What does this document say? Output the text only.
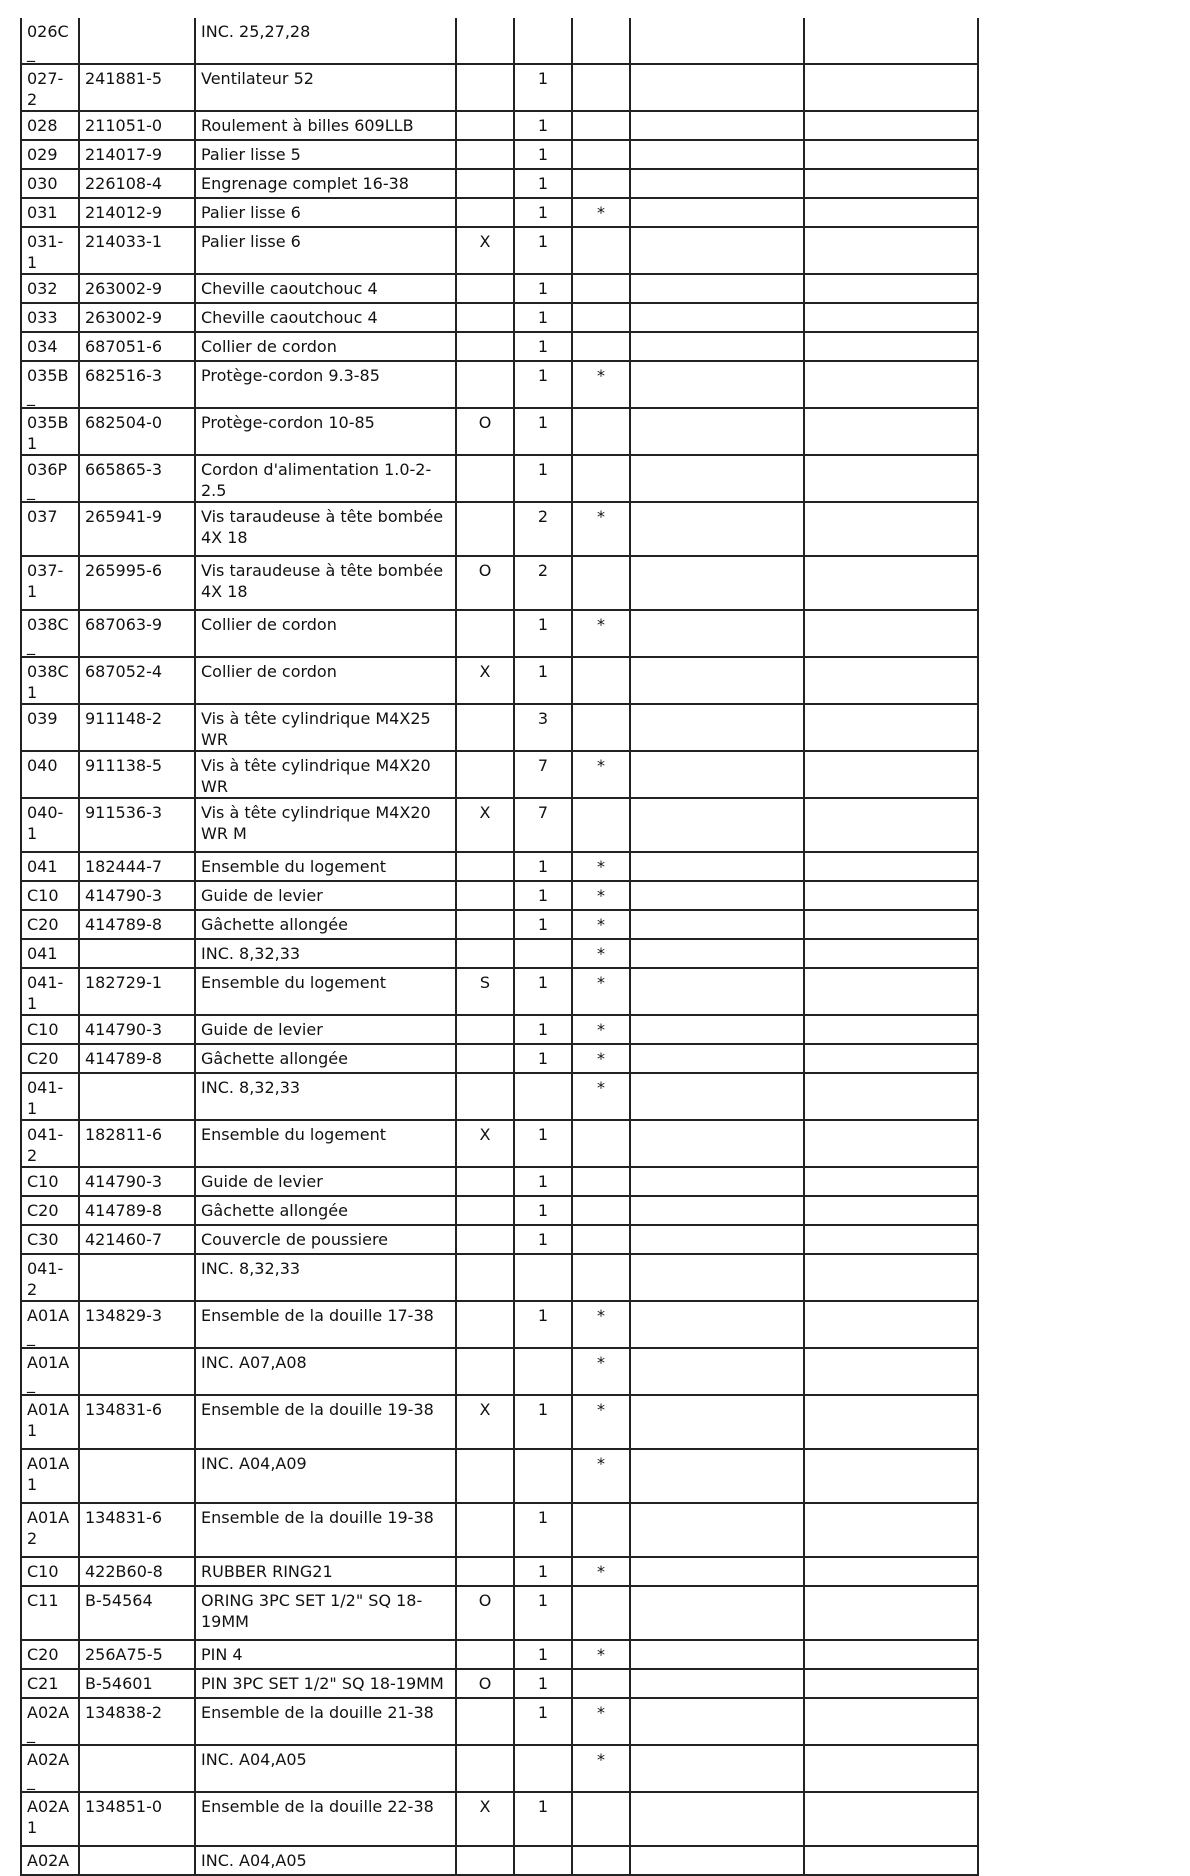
026C_		INC. 25,27,28					
027-2	241881-5	Ventilateur 52		1			
028	211051-0	Roulement à billes 609LLB		1			
029	214017-9	Palier lisse 5		1			
030	226108-4	Engrenage complet 16-38		1			
031	214012-9	Palier lisse 6		1	*		
031-1	214033-1	Palier lisse 6	X	1			
032	263002-9	Cheville caoutchouc 4		1			
033	263002-9	Cheville caoutchouc 4		1			
034	687051-6	Collier de cordon		1			
035B_	682516-3	Protège-cordon 9.3-85		1	*		
035B1	682504-0	Protège-cordon 10-85	O	1			
036P_	665865-3	Cordon d'alimentation 1.0-2-2.5		1			
037	265941-9	Vis taraudeuse à tête bombée 4X 18		2	*		
037-1	265995-6	Vis taraudeuse à tête bombée 4X 18	O	2			
038C_	687063-9	Collier de cordon		1	*		
038C1	687052-4	Collier de cordon	X	1			
039	911148-2	Vis à tête cylindrique M4X25 WR		3			
040	911138-5	Vis à tête cylindrique M4X20 WR		7	*		
040-1	911536-3	Vis à tête cylindrique M4X20 WR M	X	7			
041	182444-7	Ensemble du logement		1	*		
C10	414790-3	Guide de levier		1	*		
C20	414789-8	Gâchette allongée		1	*		
041		INC. 8,32,33			*		
041-1	182729-1	Ensemble du logement	S	1	*		
C10	414790-3	Guide de levier		1	*		
C20	414789-8	Gâchette allongée		1	*		
041-1		INC. 8,32,33			*		
041-2	182811-6	Ensemble du logement	X	1			
C10	414790-3	Guide de levier		1			
C20	414789-8	Gâchette allongée		1			
C30	421460-7	Couvercle de poussiere		1			
041-2		INC. 8,32,33					
A01A_	134829-3	Ensemble de la douille 17-38		1	*		
A01A_		INC. A07,A08			*		
A01A1	134831-6	Ensemble de la douille 19-38	X	1	*		
A01A1		INC. A04,A09			*		
A01A2	134831-6	Ensemble de la douille 19-38		1			
C10	422B60-8	RUBBER RING21		1	*		
C11	B-54564	ORING 3PC SET 1/2" SQ 18-19MM	O	1			
C20	256A75-5	PIN 4		1	*		
C21	B-54601	PIN 3PC SET 1/2" SQ 18-19MM	O	1			
A02A_	134838-2	Ensemble de la douille 21-38		1	*		
A02A_		INC. A04,A05			*		
A02A1	134851-0	Ensemble de la douille 22-38	X	1			
A02A		INC. A04,A05					
